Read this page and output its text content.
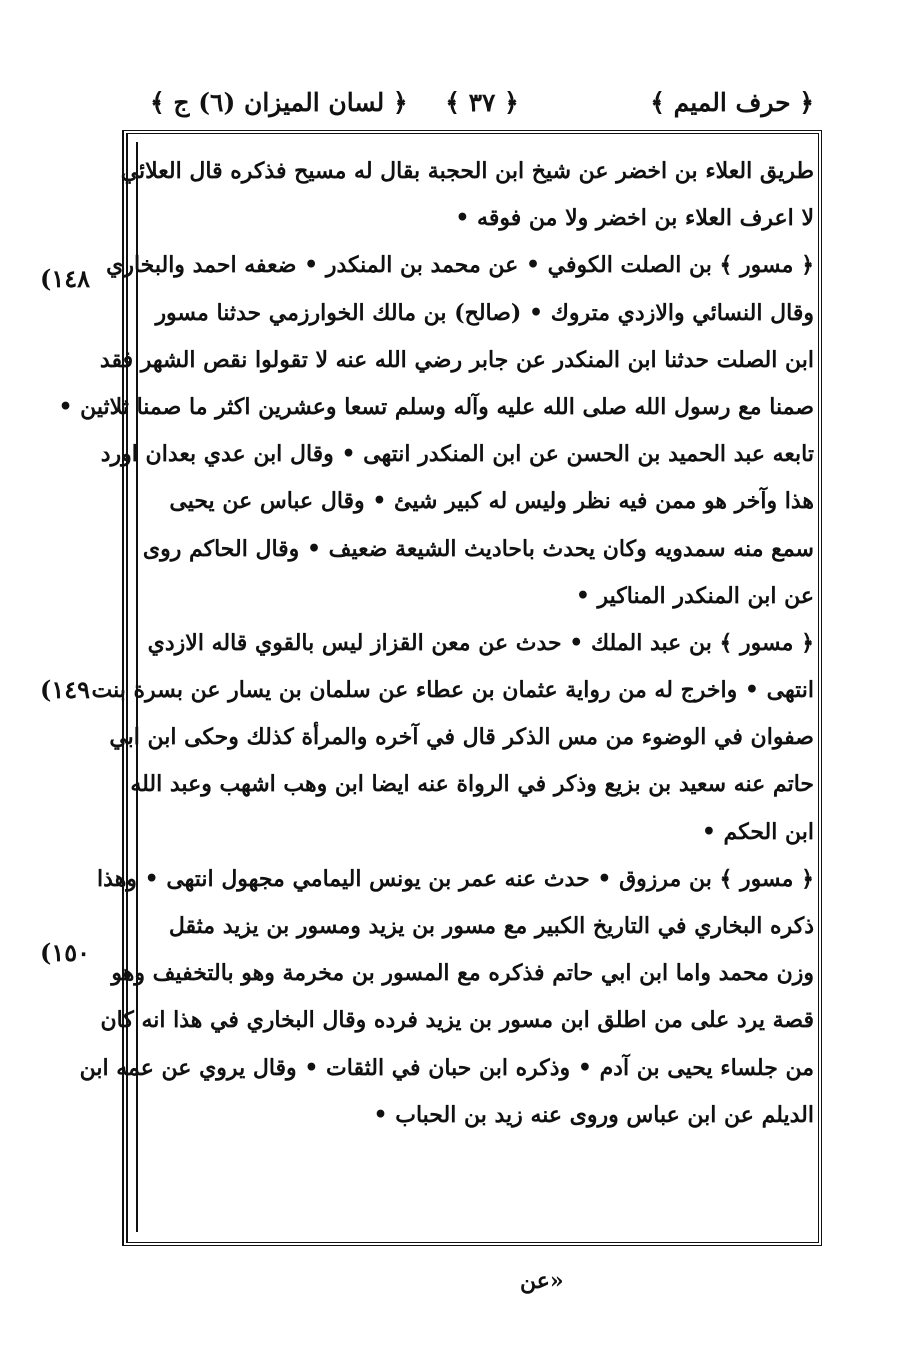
﴿ حرف الميم ﴾
﴿ ٣٧ ﴾
﴿ لسان الميزان (٦) ج ﴾
طريق العلاء بن اخضر عن شيخ ابن الحجبة بقال له مسيح فذكره قال العلائي
لا اعرف العلاء بن اخضر ولا من فوقه •
﴿ مسور ﴾ بن الصلت الكوفي • عن محمد بن المنكدر • ضعفه احمد والبخاري
وقال النسائي والازدي متروك • (صالح) بن مالك الخوارزمي حدثنا مسور
ابن الصلت حدثنا ابن المنكدر عن جابر رضي الله عنه لا تقولوا نقص الشهر فقد
صمنا مع رسول الله صلى الله عليه وآله وسلم تسعا وعشرين اكثر ما صمنا ثلاثين •
تابعه عبد الحميد بن الحسن عن ابن المنكدر انتهى • وقال ابن عدي بعدان اورد
هذا وآخر هو ممن فيه نظر وليس له كبير شيئ • وقال عباس عن يحيى
سمع منه سمدويه وكان يحدث باحاديث الشيعة ضعيف • وقال الحاكم روى
عن ابن المنكدر المناكير •
﴿ مسور ﴾ بن عبد الملك • حدث عن معن القزاز ليس بالقوي قاله الازدي
انتهى • واخرج له من رواية عثمان بن عطاء عن سلمان بن يسار عن بسرة بنت
صفوان في الوضوء من مس الذكر قال في آخره والمرأة كذلك وحكى ابن ابي
حاتم عنه سعيد بن بزيع وذكر في الرواة عنه ايضا ابن وهب اشهب وعبد الله
ابن الحكم •
﴿ مسور ﴾ بن مرزوق • حدث عنه عمر بن يونس اليمامي مجهول انتهى • وهذا
ذكره البخاري في التاريخ الكبير مع مسور بن يزيد ومسور بن يزيد مثقل
وزن محمد واما ابن ابي حاتم فذكره مع المسور بن مخرمة وهو بالتخفيف وهو
قصة يرد على من اطلق ابن مسور بن يزيد فرده وقال البخاري في هذا انه كان
من جلساء يحيى بن آدم • وذكره ابن حبان في الثقات • وقال يروي عن عمه ابن
الديلم عن ابن عباس وروى عنه زيد بن الحباب •
(١٤٨
(١٤٩
(١٥٠
«عن
